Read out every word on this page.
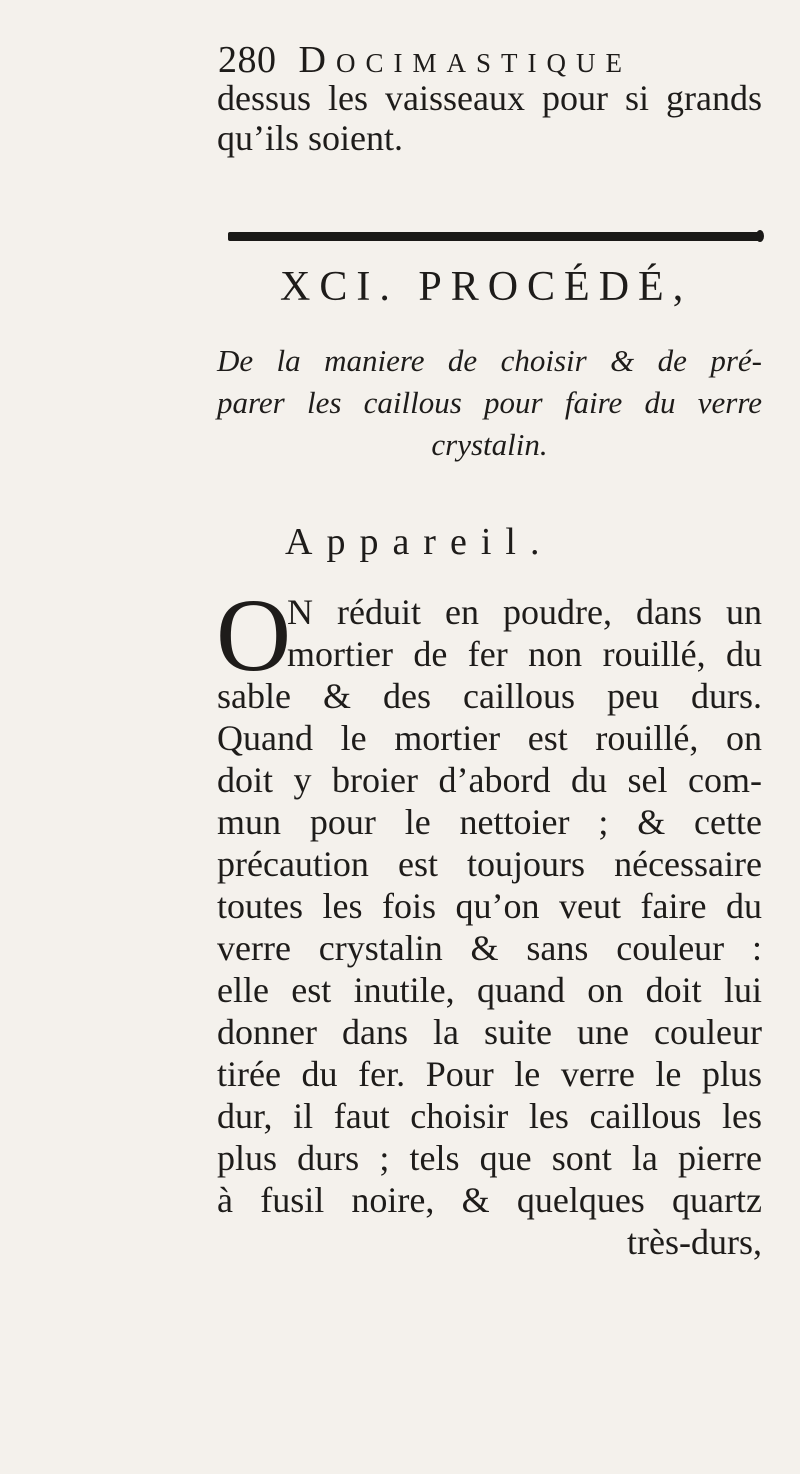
280 Docimastique
dessus les vaisseaux pour si grands
qu’ils soient.
XCI. PROCÉDÉ,
De la maniere de choisir & de pré-
parer les caillous pour faire du verre
crystalin.
Appareil.
O
N réduit en poudre, dans un
mortier de fer non rouillé, du
sable & des caillous peu durs.
Quand le mortier est rouillé, on
doit y broier d’abord du sel com-
mun pour le nettoier ; & cette
précaution est toujours nécessaire
toutes les fois qu’on veut faire du
verre crystalin & sans couleur :
elle est inutile, quand on doit lui
donner dans la suite une couleur
tirée du fer. Pour le verre le plus
dur, il faut choisir les caillous les
plus durs ; tels que sont la pierre
à fusil noire, & quelques quartz
très-durs,
